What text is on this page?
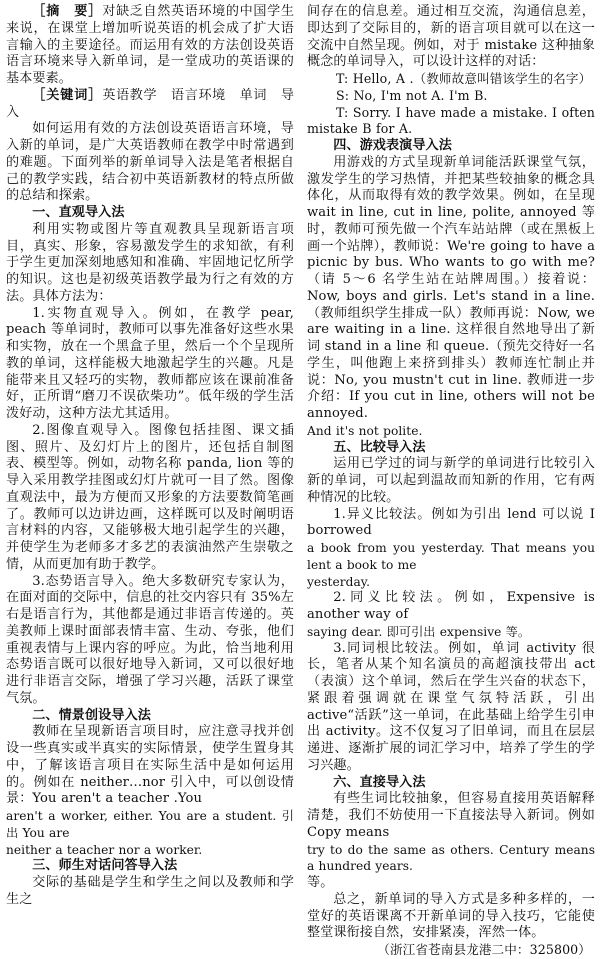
［摘　要］对缺乏自然英语环境的中国学生来说，在课堂上增加听说英语的机会成了扩大语言输入的主要途径。而运用有效的方法创设英语语言环境来导入新单词，是一堂成功的英语课的基本要素。

［关键词］英语教学　语言环境　单词　导入

如何运用有效的方法创设英语语言环境，导入新的单词，是广大英语教师在教学中时常遇到的难题。下面列举的新单词导入法是笔者根据自己的教学实践，结合初中英语新教材的特点所做的总结和探索。

一、直观导入法

利用实物或图片等直观教具呈现新语言项目，真实、形象，容易激发学生的求知欲，有利于学生更加深刻地感知和准确、牢固地记忆所学的知识。这也是初级英语教学最为行之有效的方法。具体方法为：

1.实物直观导入。例如，在教学 pear, peach 等单词时，教师可以事先准备好这些水果和实物，放在一个黑盒子里，然后一个个呈现所教的单词，这样能极大地激起学生的兴趣。凡是能带来且又轻巧的实物，教师都应该在课前准备好，正所谓“磨刀不误砍柴功”。低年级的学生活泼好动，这种方法尤其适用。

2.图像直观导入。图像包括挂图、课文插图、照片、及幻灯片上的图片，还包括自制图表、模型等。例如，动物名称 panda, lion 等的导入采用教学挂图或幻灯片就可一目了然。图像直观法中，最为方便而又形象的方法要数简笔画了。教师可以边讲边画，这样既可以及时阐明语言材料的内容，又能够极大地引起学生的兴趣，并使学生为老师多才多艺的表演油然产生崇敬之情，从而更加有助于教学。

3.态势语言导入。绝大多数研究专家认为，在面对面的交际中，信息的社交内容只有 35%左右是语言行为，其他都是通过非语言传递的。英美教师上课时面部表情丰富、生动、夸张，他们重视表情与上课内容的呼应。为此，恰当地利用态势语言既可以很好地导入新词，又可以很好地进行非语言交际，增强了学习兴趣，活跃了课堂气氛。

二、情景创设导入法

教师在呈现新语言项目时，应注意寻找并创设一些真实或半真实的实际情景，使学生置身其中，了解该语言项目在实际生活中是如何运用的。例如在 neither…nor 引入中，可以创设情景：You aren't a teacher .You

aren't a worker, either. You are a student. 引出 You are

neither a teacher nor a worker.

三、师生对话问答导入法

交际的基础是学生和学生之间以及教师和学生之

间存在的信息差。通过相互交流，沟通信息差，即达到了交际目的，新的语言项目就可以在这一交流中自然呈现。例如，对于 mistake 这种抽象概念的单词导入，可以设计这样的对话：

T: Hello, A .（教师故意叫错该学生的名字）

S: No, I'm not A. I'm B.

T: Sorry. I have made a mistake. I often mistake B for A.

四、游戏表演导入法

用游戏的方式呈现新单词能活跃课堂气氛，激发学生的学习热情，并把某些较抽象的概念具体化，从而取得有效的教学效果。例如，在呈现 wait in line, cut in line, polite, annoyed 等时，教师可预先做一个汽车站站牌（或在黑板上画一个站牌），教师说：We're going to have a picnic by bus. Who wants to go with me?（请 5～6 名学生站在站牌周围。）接着说：Now, boys and girls. Let's stand in a line.（教师组织学生排成一队）教师再说：Now, we are waiting in a line. 这样很自然地导出了新词 stand in a line 和 queue.（预先交待好一名学生，叫他跑上来挤到排头）教师连忙制止并说：No, you mustn't cut in line. 教师进一步介绍：If you cut in line, others will not be annoyed.

And it's not polite.

五、比较导入法

运用已学过的词与新学的单词进行比较引入新的单词，可以起到温故而知新的作用，它有两种情况的比较。

1.异义比较法。例如为引出 lend 可以说 I borrowed

a book from you yesterday. That means you lent a book to me

yesterday.

2.同义比较法。例如，Expensive is another way of

saying dear. 即可引出 expensive 等。

3.同词根比较法。例如，单词 activity 很长，笔者从某个知名演员的高超演技带出 act（表演）这个单词，然后在学生兴奋的状态下，紧跟着强调就在课堂气氛特活跃，引出 active“活跃”这一单词，在此基础上给学生引申出 activity。这不仅复习了旧单词，而且在层层递进、逐渐扩展的词汇学习中，培养了学生的学习兴趣。

六、直接导入法

有些生词比较抽象，但容易直接用英语解释清楚，我们不妨使用一下直接法导入新词。例如 Copy means

try to do the same as others. Century means a hundred years.

等。

总之，新单词的导入方式是多种多样的，一堂好的英语课离不开新单词的导入技巧，它能使整堂课衔接自然，安排紧凑，浑然一体。

（浙江省苍南县龙港二中：325800）
